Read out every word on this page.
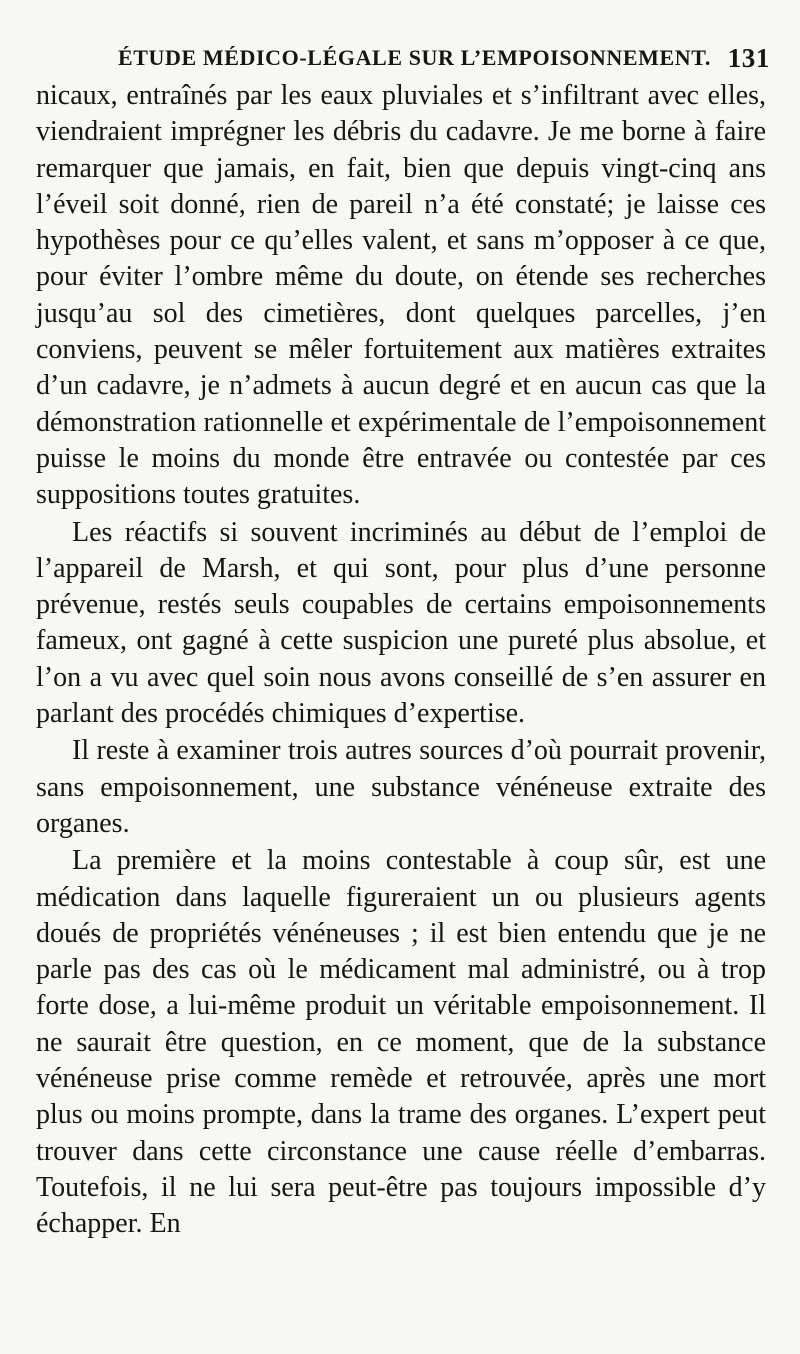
ÉTUDE MÉDICO-LÉGALE SUR L’EMPOISONNEMENT. 131

nicaux, entraînés par les eaux pluviales et s’infiltrant avec elles, viendraient imprégner les débris du cadavre. Je me borne à faire remarquer que jamais, en fait, bien que depuis vingt-cinq ans l’éveil soit donné, rien de pareil n’a été constaté; je laisse ces hypothèses pour ce qu’elles valent, et sans m’opposer à ce que, pour éviter l’ombre même du doute, on étende ses recherches jusqu’au sol des cimetières, dont quelques parcelles, j’en conviens, peuvent se mêler fortuitement aux matières extraites d’un cadavre, je n’admets à aucun degré et en aucun cas que la démonstration rationnelle et expérimentale de l’empoisonnement puisse le moins du monde être entravée ou contestée par ces suppositions toutes gratuites.

Les réactifs si souvent incriminés au début de l’emploi de l’appareil de Marsh, et qui sont, pour plus d’une personne prévenue, restés seuls coupables de certains empoisonnements fameux, ont gagné à cette suspicion une pureté plus absolue, et l’on a vu avec quel soin nous avons conseillé de s’en assurer en parlant des procédés chimiques d’expertise.

Il reste à examiner trois autres sources d’où pourrait provenir, sans empoisonnement, une substance vénéneuse extraite des organes.

La première et la moins contestable à coup sûr, est une médication dans laquelle figureraient un ou plusieurs agents doués de propriétés vénéneuses ; il est bien entendu que je ne parle pas des cas où le médicament mal administré, ou à trop forte dose, a lui-même produit un véritable empoisonnement. Il ne saurait être question, en ce moment, que de la substance vénéneuse prise comme remède et retrouvée, après une mort plus ou moins prompte, dans la trame des organes. L’expert peut trouver dans cette circonstance une cause réelle d’embarras. Toutefois, il ne lui sera peut-être pas toujours impossible d’y échapper. En
